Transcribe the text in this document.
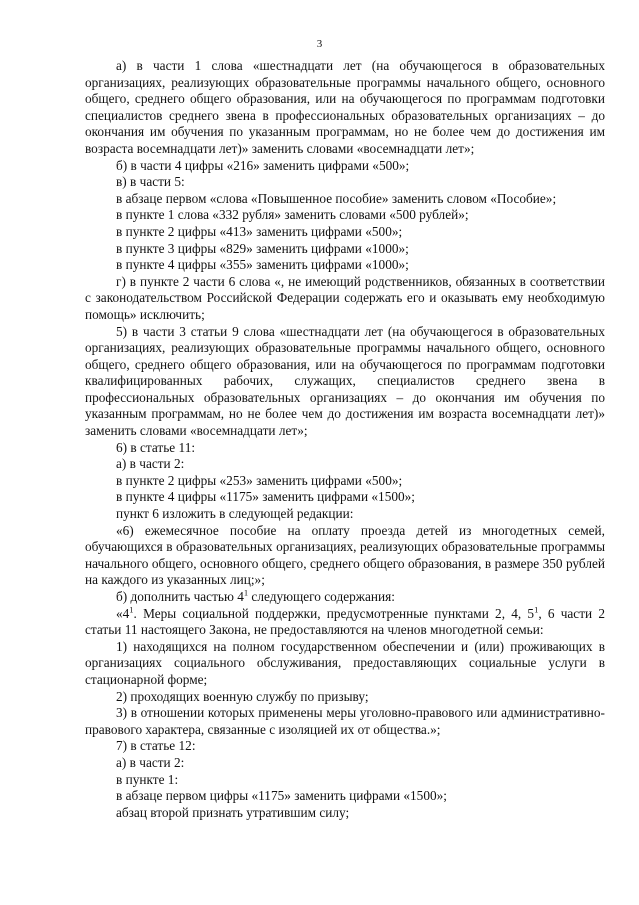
3

а) в части 1 слова «шестнадцати лет (на обучающегося в образовательных организациях, реализующих образовательные программы начального общего, основного общего, среднего общего образования, или на обучающегося по программам подготовки специалистов среднего звена в профессиональных образовательных организациях – до окончания им обучения по указанным программам, но не более чем до достижения им возраста восемнадцати лет)» заменить словами «восемнадцати лет»;

б) в части 4 цифры «216» заменить цифрами «500»;

в) в части 5:

в абзаце первом «слова «Повышенное пособие» заменить словом «Пособие»;

в пункте 1 слова «332 рубля» заменить словами «500 рублей»;

в пункте 2 цифры «413» заменить цифрами «500»;

в пункте 3 цифры «829» заменить цифрами «1000»;

в пункте 4 цифры «355» заменить цифрами «1000»;

г) в пункте 2 части 6 слова «, не имеющий родственников, обязанных в соответствии с законодательством Российской Федерации содержать его и оказывать ему необходимую помощь» исключить;

5) в части 3 статьи 9 слова «шестнадцати лет (на обучающегося в образовательных организациях, реализующих образовательные программы начального общего, основного общего, среднего общего образования, или на обучающегося по программам подготовки квалифицированных рабочих, служащих, специалистов среднего звена в профессиональных образовательных организациях – до окончания им обучения по указанным программам, но не более чем до достижения им возраста восемнадцати лет)» заменить словами «восемнадцати лет»;

6) в статье 11:

а) в части 2:

в пункте 2 цифры «253» заменить цифрами «500»;

в пункте 4 цифры «1175» заменить цифрами «1500»;

пункт 6 изложить в следующей редакции:

«6) ежемесячное пособие на оплату проезда детей из многодетных семей, обучающихся в образовательных организациях, реализующих образовательные программы начального общего, основного общего, среднего общего образования, в размере 350 рублей на каждого из указанных лиц;»;

б) дополнить частью $4^1$ следующего содержания:

«$4^1$. Меры социальной поддержки, предусмотренные пунктами 2, 4, $5^1$, 6 части 2 статьи 11 настоящего Закона, не предоставляются на членов многодетной семьи:

1) находящихся на полном государственном обеспечении и (или) проживающих в организациях социального обслуживания, предоставляющих социальные услуги в стационарной форме;

2) проходящих военную службу по призыву;

3) в отношении которых применены меры уголовно-правового или административно-правового характера, связанные с изоляцией их от общества.»;

7) в статье 12:

а) в части 2:

в пункте 1:

в абзаце первом цифры «1175» заменить цифрами «1500»;

абзац второй признать утратившим силу;
